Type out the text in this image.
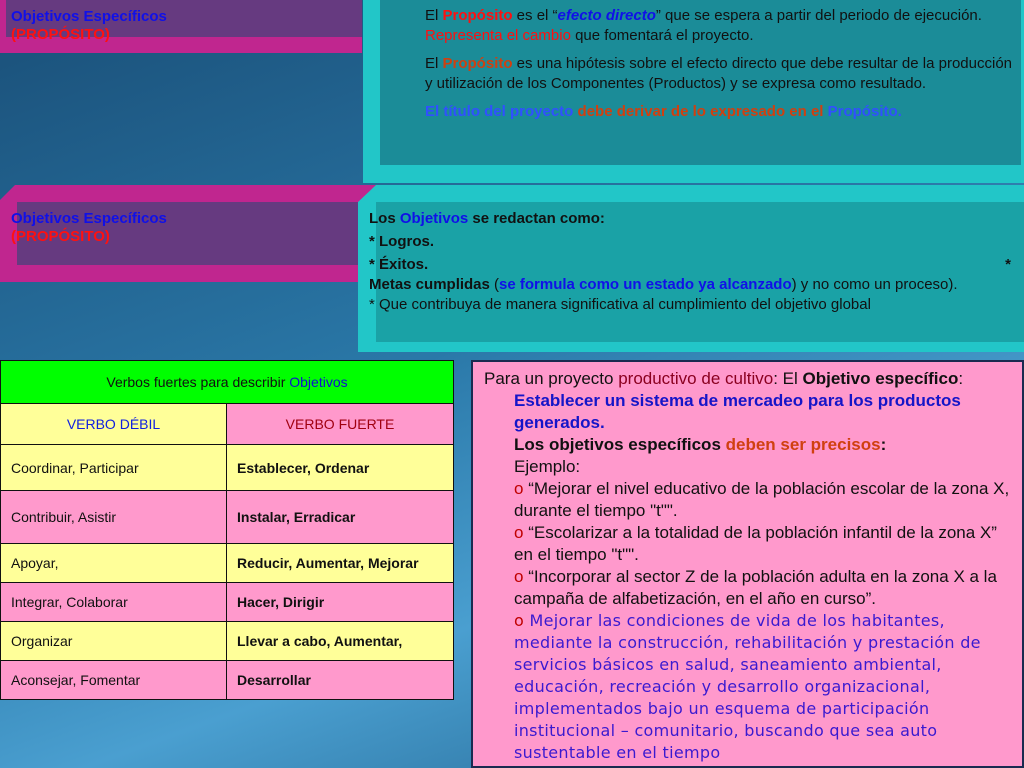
Objetivos Específicos
(PROPÓSITO)

El Propósito es el “efecto directo” que se espera a partir del periodo de ejecución. Representa el cambio que fomentará el proyecto.

El Propósito es una hipótesis sobre el efecto directo que debe resultar de la producción y utilización de los Componentes (Productos) y se expresa como resultado.

El título del proyecto debe derivar de lo expresado en el Propósito.

Objetivos Específicos
(PROPÓSITO)
Los Objetivos se redactan como:
* Logros.
* Éxitos.	*
Metas cumplidas (se formula como un estado ya alcanzado) y no como un proceso).
* Que contribuya de manera significativa al cumplimiento del objetivo global
Verbos fuertes para describir Objetivos	
VERBO DÉBIL	VERBO FUERTE
Coordinar, Participar	Establecer, Ordenar
Contribuir, Asistir	Instalar, Erradicar
Apoyar,	Reducir, Aumentar, Mejorar
Integrar, Colaborar	Hacer, Dirigir
Organizar	Llevar a cabo, Aumentar,
Aconsejar, Fomentar	Desarrollar
Para un proyecto productivo de cultivo: El Objetivo específico:
Establecer un sistema de mercadeo para los productos generados.
Los objetivos específicos deben ser precisos:
Ejemplo:
o “Mejorar el nivel educativo de la población escolar de la zona X, durante el tiempo "t"".
o “Escolarizar a la totalidad de la población infantil de la zona X” en el tiempo "t"".
o “Incorporar al sector Z de la población adulta en la zona X a la campaña de alfabetización, en el año en curso”.
o Mejorar las condiciones de vida de los habitantes, mediante la construcción, rehabilitación y prestación de servicios básicos en salud, saneamiento ambiental, educación, recreación y desarrollo organizacional, implementados bajo un esquema de participación institucional – comunitario, buscando que sea auto sustentable en el tiempo
